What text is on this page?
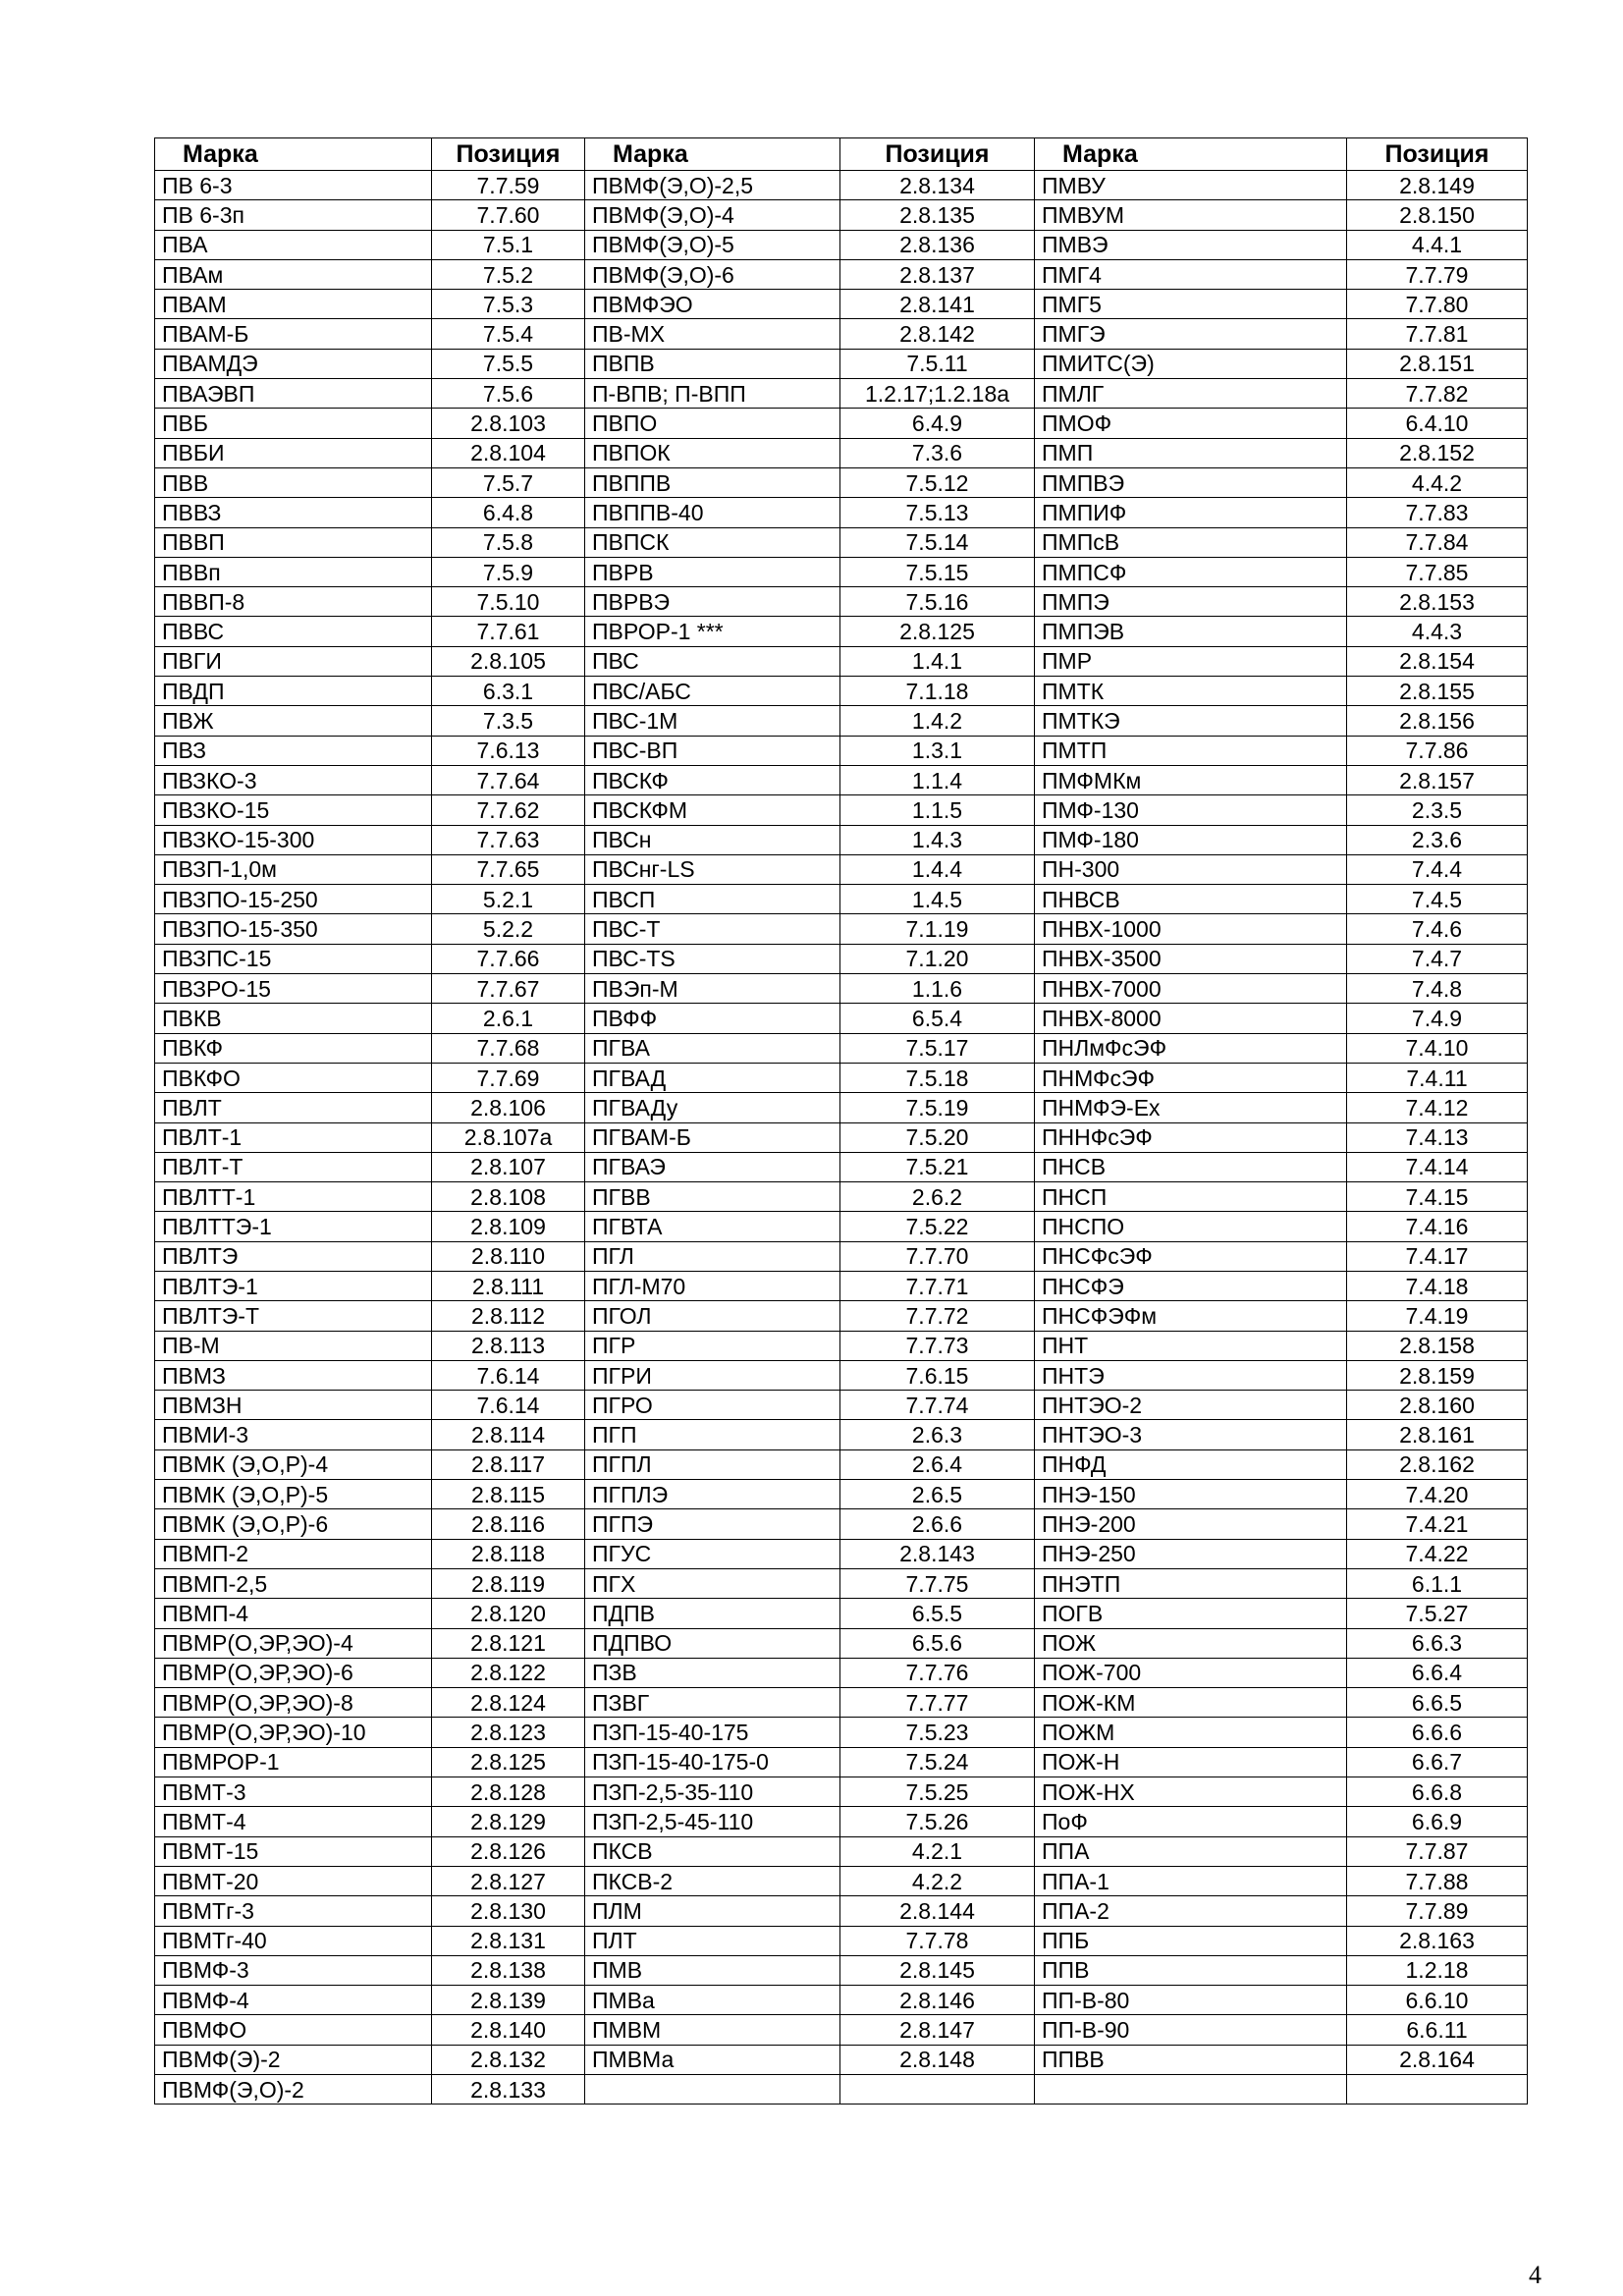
Марка	Позиция	Марка	Позиция	Марка	Позиция
ПВ 6-3	7.7.59	ПВМФ(Э,О)-2,5	2.8.134	ПМВУ	2.8.149
ПВ 6-3п	7.7.60	ПВМФ(Э,О)-4	2.8.135	ПМВУМ	2.8.150
ПВА	7.5.1	ПВМФ(Э,О)-5	2.8.136	ПМВЭ	4.4.1
ПВАм	7.5.2	ПВМФ(Э,О)-6	2.8.137	ПМГ4	7.7.79
ПВАМ	7.5.3	ПВМФЭО	2.8.141	ПМГ5	7.7.80
ПВАМ-Б	7.5.4	ПВ-МХ	2.8.142	ПМГЭ	7.7.81
ПВАМДЭ	7.5.5	ПВПВ	7.5.11	ПМИТС(Э)	2.8.151
ПВАЭВП	7.5.6	П-ВПВ; П-ВПП	1.2.17;1.2.18а	ПМЛГ	7.7.82
ПВБ	2.8.103	ПВПО	6.4.9	ПМОФ	6.4.10
ПВБИ	2.8.104	ПВПОК	7.3.6	ПМП	2.8.152
ПВВ	7.5.7	ПВППВ	7.5.12	ПМПВЭ	4.4.2
ПВВЗ	6.4.8	ПВППВ-40	7.5.13	ПМПИФ	7.7.83
ПВВП	7.5.8	ПВПСК	7.5.14	ПМПсВ	7.7.84
ПВВп	7.5.9	ПВРВ	7.5.15	ПМПСФ	7.7.85
ПВВП-8	7.5.10	ПВРВЭ	7.5.16	ПМПЭ	2.8.153
ПВВС	7.7.61	ПВРОР-1 ***	2.8.125	ПМПЭВ	4.4.3
ПВГИ	2.8.105	ПВС	1.4.1	ПМР	2.8.154
ПВДП	6.3.1	ПВС/АБС	7.1.18	ПМТК	2.8.155
ПВЖ	7.3.5	ПВС-1М	1.4.2	ПМТКЭ	2.8.156
ПВЗ	7.6.13	ПВС-ВП	1.3.1	ПМТП	7.7.86
ПВЗКО-3	7.7.64	ПВСКФ	1.1.4	ПМФМКм	2.8.157
ПВЗКО-15	7.7.62	ПВСКФМ	1.1.5	ПМФ-130	2.3.5
ПВЗКО-15-300	7.7.63	ПВСн	1.4.3	ПМФ-180	2.3.6
ПВЗП-1,0м	7.7.65	ПВСнг-LS	1.4.4	ПН-300	7.4.4
ПВЗПО-15-250	5.2.1	ПВСП	1.4.5	ПНВСВ	7.4.5
ПВЗПО-15-350	5.2.2	ПВС-Т	7.1.19	ПНВХ-1000	7.4.6
ПВЗПС-15	7.7.66	ПВС-TS	7.1.20	ПНВХ-3500	7.4.7
ПВЗРО-15	7.7.67	ПВЭп-М	1.1.6	ПНВХ-7000	7.4.8
ПВКВ	2.6.1	ПВФФ	6.5.4	ПНВХ-8000	7.4.9
ПВКФ	7.7.68	ПГВА	7.5.17	ПНЛмФсЭФ	7.4.10
ПВКФО	7.7.69	ПГВАД	7.5.18	ПНМФсЭФ	7.4.11
ПВЛТ	2.8.106	ПГВАДу	7.5.19	ПНМФЭ-Ex	7.4.12
ПВЛТ-1	2.8.107а	ПГВАМ-Б	7.5.20	ПННФсЭФ	7.4.13
ПВЛТ-Т	2.8.107	ПГВАЭ	7.5.21	ПНСВ	7.4.14
ПВЛТТ-1	2.8.108	ПГВВ	2.6.2	ПНСП	7.4.15
ПВЛТТЭ-1	2.8.109	ПГВТА	7.5.22	ПНСПО	7.4.16
ПВЛТЭ	2.8.110	ПГЛ	7.7.70	ПНСФсЭФ	7.4.17
ПВЛТЭ-1	2.8.111	ПГЛ-М70	7.7.71	ПНСФЭ	7.4.18
ПВЛТЭ-Т	2.8.112	ПГОЛ	7.7.72	ПНСФЭФм	7.4.19
ПВ-М	2.8.113	ПГР	7.7.73	ПНТ	2.8.158
ПВМЗ	7.6.14	ПГРИ	7.6.15	ПНТЭ	2.8.159
ПВМЗН	7.6.14	ПГРО	7.7.74	ПНТЭО-2	2.8.160
ПВМИ-3	2.8.114	ПГП	2.6.3	ПНТЭО-3	2.8.161
ПВМК (Э,О,Р)-4	2.8.117	ПГПЛ	2.6.4	ПНФД	2.8.162
ПВМК (Э,О,Р)-5	2.8.115	ПГПЛЭ	2.6.5	ПНЭ-150	7.4.20
ПВМК (Э,О,Р)-6	2.8.116	ПГПЭ	2.6.6	ПНЭ-200	7.4.21
ПВМП-2	2.8.118	ПГУС	2.8.143	ПНЭ-250	7.4.22
ПВМП-2,5	2.8.119	ПГХ	7.7.75	ПНЭТП	6.1.1
ПВМП-4	2.8.120	ПДПВ	6.5.5	ПОГВ	7.5.27
ПВМР(О,ЭР,ЭО)-4	2.8.121	ПДПВО	6.5.6	ПОЖ	6.6.3
ПВМР(О,ЭР,ЭО)-6	2.8.122	ПЗВ	7.7.76	ПОЖ-700	6.6.4
ПВМР(О,ЭР,ЭО)-8	2.8.124	ПЗВГ	7.7.77	ПОЖ-КМ	6.6.5
ПВМР(О,ЭР,ЭО)-10	2.8.123	ПЗП-15-40-175	7.5.23	ПОЖМ	6.6.6
ПВМРОР-1	2.8.125	ПЗП-15-40-175-0	7.5.24	ПОЖ-Н	6.6.7
ПВМТ-3	2.8.128	ПЗП-2,5-35-110	7.5.25	ПОЖ-НХ	6.6.8
ПВМТ-4	2.8.129	ПЗП-2,5-45-110	7.5.26	ПоФ	6.6.9
ПВМТ-15	2.8.126	ПКСВ	4.2.1	ППА	7.7.87
ПВМТ-20	2.8.127	ПКСВ-2	4.2.2	ППА-1	7.7.88
ПВМТг-3	2.8.130	ПЛМ	2.8.144	ППА-2	7.7.89
ПВМТг-40	2.8.131	ПЛТ	7.7.78	ППБ	2.8.163
ПВМФ-3	2.8.138	ПМВ	2.8.145	ППВ	1.2.18
ПВМФ-4	2.8.139	ПМВа	2.8.146	ПП-В-80	6.6.10
ПВМФО	2.8.140	ПМВМ	2.8.147	ПП-В-90	6.6.11
ПВМФ(Э)-2	2.8.132	ПМВМа	2.8.148	ППВВ	2.8.164
ПВМФ(Э,О)-2	2.8.133				
4
